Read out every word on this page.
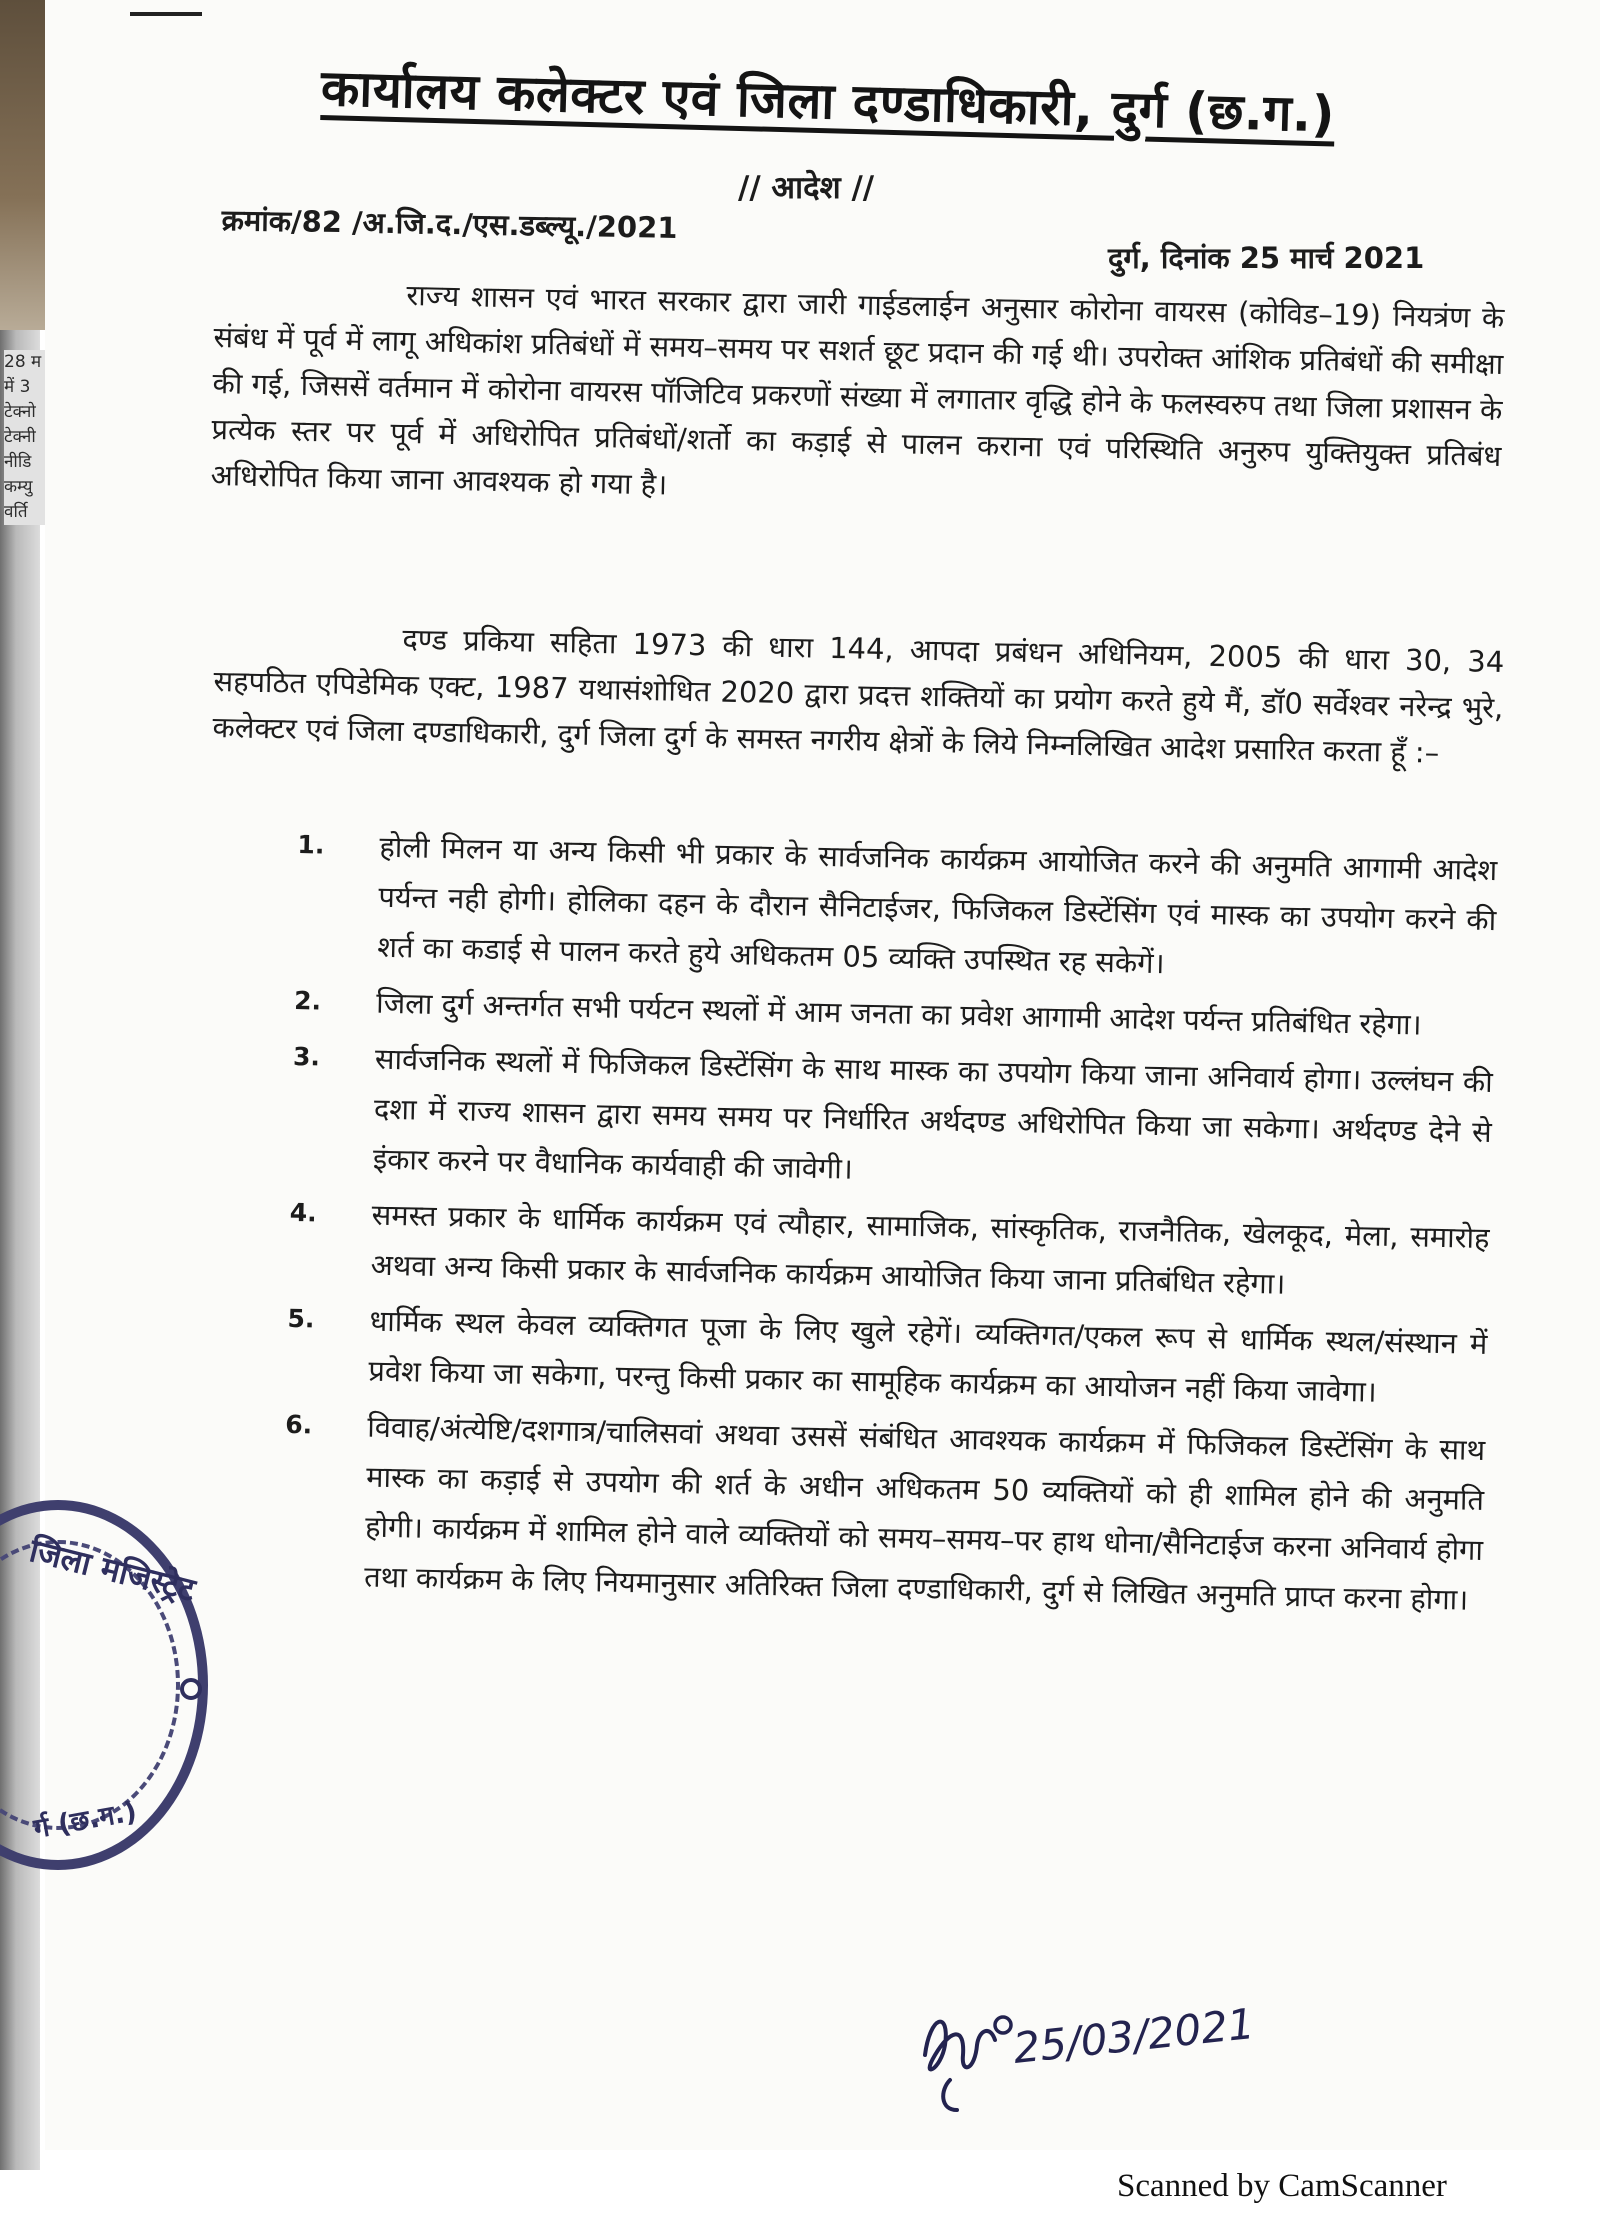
28 म
में 3
टेक्नो
टेक्नी
नीडि
कम्यु
वर्ति
कार्यालय कलेक्टर एवं जिला दण्डाधिकारी, दुर्ग (छ.ग.)
// आदेश //
क्रमांक/82 /अ.जि.द./एस.डब्ल्यू./2021
दुर्ग, दिनांक 25 मार्च 2021
राज्य शासन एवं भारत सरकार द्वारा जारी गाईडलाईन अनुसार कोरोना वायरस (कोविड–19) नियत्रंण के संबंध में पूर्व में लागू अधिकांश प्रतिबंधों में समय–समय पर सशर्त छूट प्रदान की गई थी। उपरोक्त आंशिक प्रतिबंधों की समीक्षा की गई, जिससें वर्तमान में कोरोना वायरस पॉजिटिव प्रकरणों संख्या में लगातार वृद्धि होने के फलस्वरुप तथा जिला प्रशासन के प्रत्येक स्तर पर पूर्व में अधिरोपित प्रतिबंधों/शर्तो का कड़ाई से पालन कराना एवं परिस्थिति अनुरुप युक्तियुक्त प्रतिबंध अधिरोपित किया जाना आवश्यक हो गया है।
दण्ड प्रकिया सहिता 1973 की धारा 144, आपदा प्रबंधन अधिनियम, 2005 की धारा 30, 34 सहपठित एपिडेमिक एक्ट, 1987 यथासंशोधित 2020 द्वारा प्रदत्त शक्तियों का प्रयोग करते हुये मैं, डॉ0 सर्वेश्वर नरेन्द्र भुरे, कलेक्टर एवं जिला दण्डाधिकारी, दुर्ग जिला दुर्ग के समस्त नगरीय क्षेत्रों के लिये निम्नलिखित आदेश प्रसारित करता हूँ :–
1. होली मिलन या अन्य किसी भी प्रकार के सार्वजनिक कार्यक्रम आयोजित करने की अनुमति आगामी आदेश पर्यन्त नही होगी। होलिका दहन के दौरान सैनिटाईजर, फिजिकल डिस्टेंसिंग एवं मास्क का उपयोग करने की शर्त का कडाई से पालन करते हुये अधिकतम 05 व्यक्ति उपस्थित रह सकेगें।
2. जिला दुर्ग अन्तर्गत सभी पर्यटन स्थलों में आम जनता का प्रवेश आगामी आदेश पर्यन्त प्रतिबंधित रहेगा।
3. सार्वजनिक स्थलों में फिजिकल डिस्टेंसिंग के साथ मास्क का उपयोग किया जाना अनिवार्य होगा। उल्लंघन की दशा में राज्य शासन द्वारा समय समय पर निर्धारित अर्थदण्ड अधिरोपित किया जा सकेगा। अर्थदण्ड देने से इंकार करने पर वैधानिक कार्यवाही की जावेगी।
4. समस्त प्रकार के धार्मिक कार्यक्रम एवं त्यौहार, सामाजिक, सांस्कृतिक, राजनैतिक, खेलकूद, मेला, समारोह अथवा अन्य किसी प्रकार के सार्वजनिक कार्यक्रम आयोजित किया जाना प्रतिबंधित रहेगा।
5. धार्मिक स्थल केवल व्यक्तिगत पूजा के लिए खुले रहेगें। व्यक्तिगत/एकल रूप से धार्मिक स्थल/संस्थान में प्रवेश किया जा सकेगा, परन्तु किसी प्रकार का सामूहिक कार्यक्रम का आयोजन नहीं किया जावेगा।
6. विवाह/अंत्येष्टि/दशगात्र/चालिसवां अथवा उससें संबंधित आवश्यक कार्यक्रम में फिजिकल डिस्टेंसिंग के साथ मास्क का कड़ाई से उपयोग की शर्त के अधीन अधिकतम 50 व्यक्तियों को ही शामिल होने की अनुमति होगी। कार्यक्रम में शामिल होने वाले व्यक्तियों को समय–समय–पर हाथ धोना/सैनिटाईज करना अनिवार्य होगा तथा कार्यक्रम के लिए नियमानुसार अतिरिक्त जिला दण्डाधिकारी, दुर्ग से लिखित अनुमति प्राप्त करना होगा।
जिला मजिस्ट्रेट
र्ग (छ.ग.)
25/03/2021
Scanned by CamScanner
